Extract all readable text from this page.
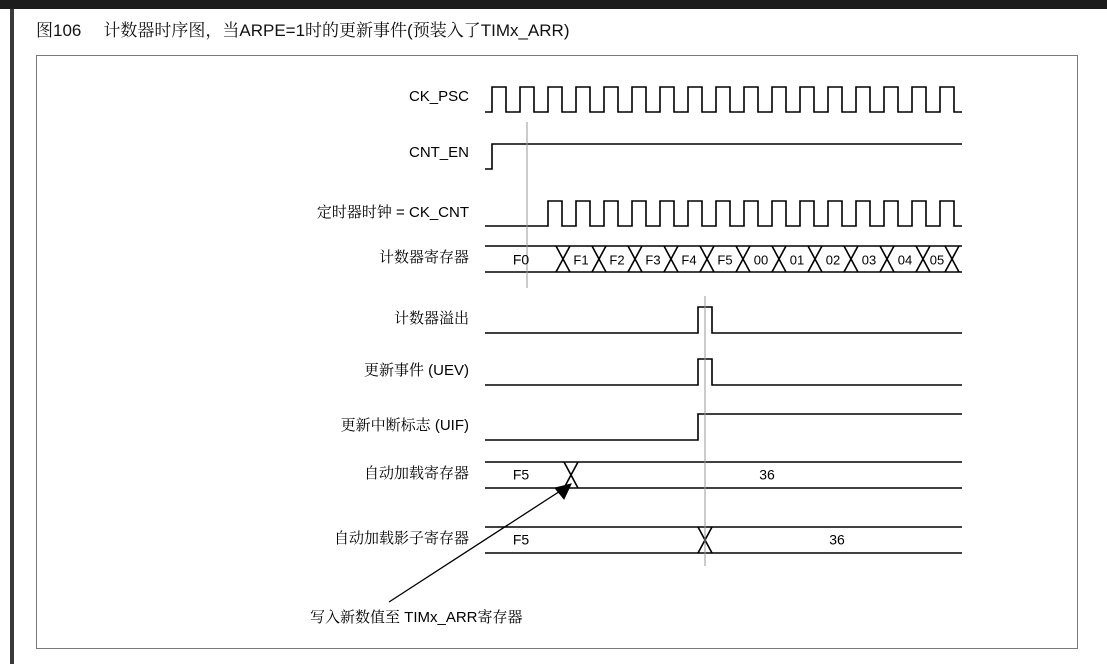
图106 计数器时序图，当ARPE=1时的更新事件(预装入了TIMx_ARR)
CK_PSC
CNT_EN
定时器时钟 = CK_CNT
计数器寄存器
计数器溢出
更新事件 (UEV)
更新中断标志 (UIF)
自动加载寄存器
自动加载影子寄存器
写入新数值至 TIMx_ARR寄存器
F0	F1 F2 F3 F4 F5 00 01 02 03 04 05
F5	36
F5	36
